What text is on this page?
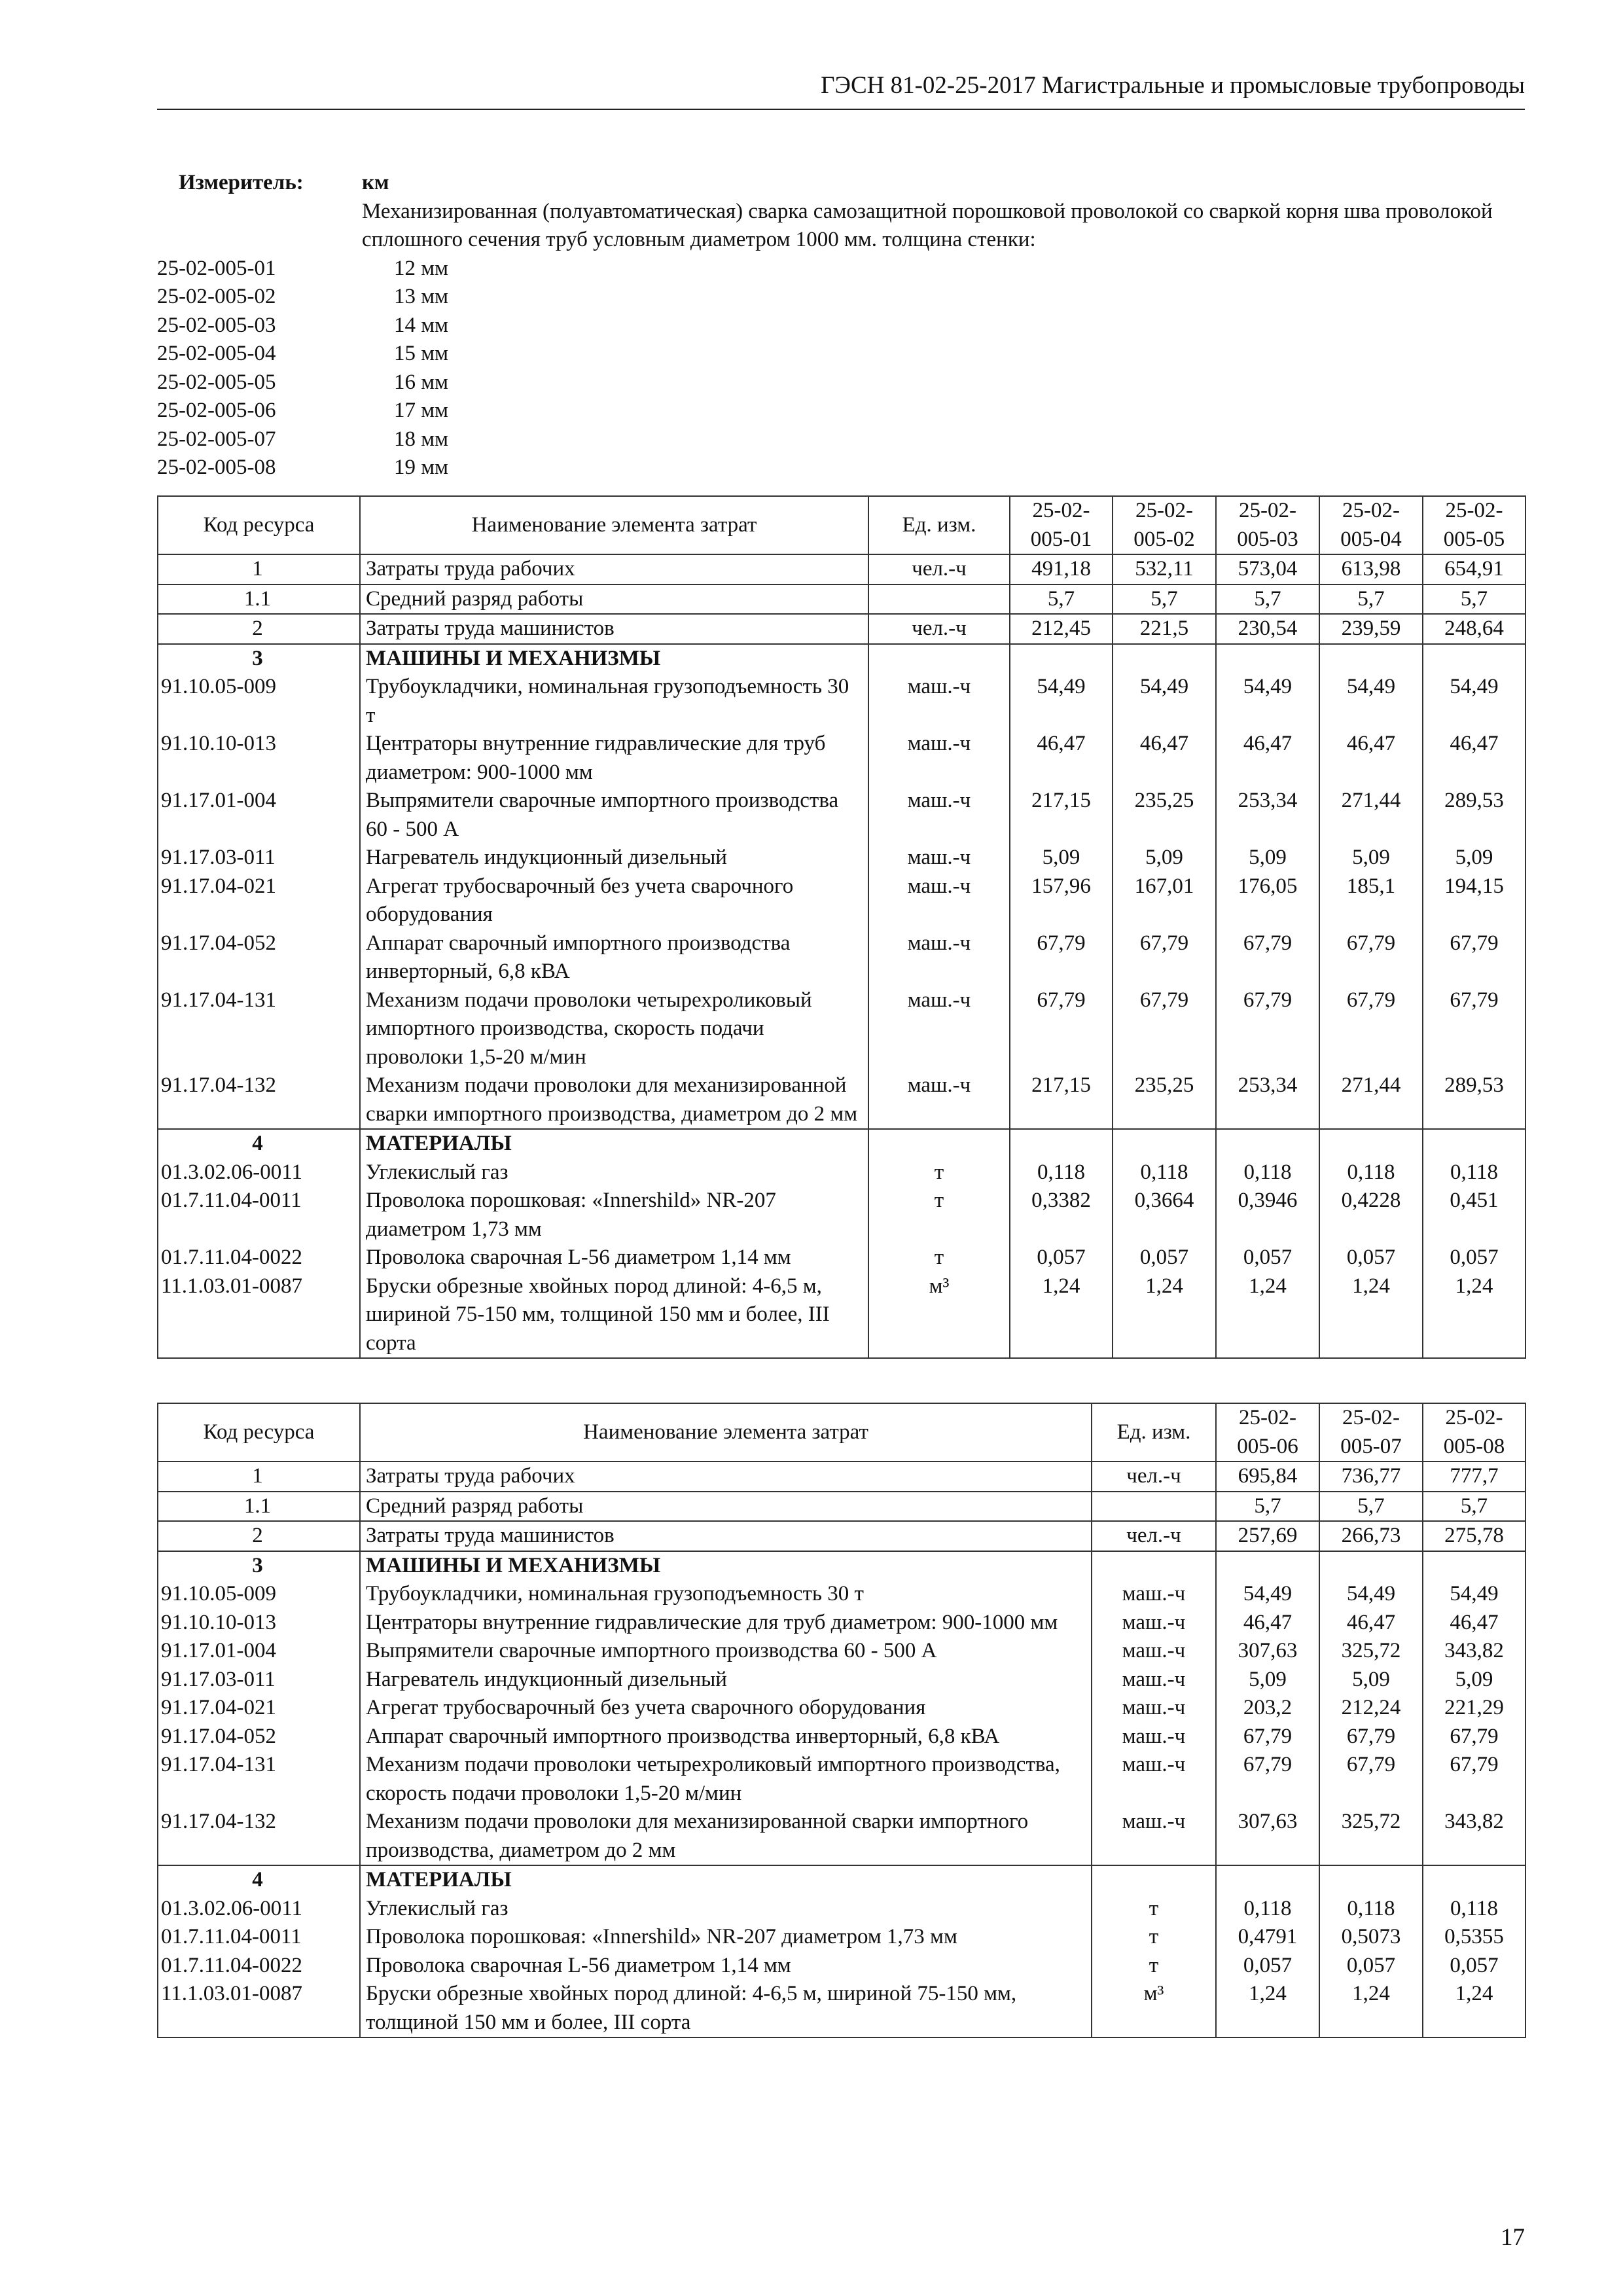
ГЭСН 81-02-25-2017 Магистральные и промысловые трубопроводы
Измеритель:	км
Механизированная (полуавтоматическая) сварка самозащитной порошковой проволокой со сваркой корня шва проволокой сплошного сечения труб условным диаметром 1000 мм. толщина стенки:
25-02-005-01	12 мм
25-02-005-02	13 мм
25-02-005-03	14 мм
25-02-005-04	15 мм
25-02-005-05	16 мм
25-02-005-06	17 мм
25-02-005-07	18 мм
25-02-005-08	19 мм
Код ресурса	Наименование элемента затрат	Ед. изм.	25-02-005-01	25-02-005-02	25-02-005-03	25-02-005-04	25-02-005-05
1	Затраты труда рабочих	чел.-ч	491,18	532,11	573,04	613,98	654,91
1.1	Средний разряд работы		5,7	5,7	5,7	5,7	5,7
2	Затраты труда машинистов	чел.-ч	212,45	221,5	230,54	239,59	248,64
3	МАШИНЫ И МЕХАНИЗМЫ						
91.10.05-009	Трубоукладчики, номинальная грузоподъемность 30 т	маш.-ч	54,49	54,49	54,49	54,49	54,49
91.10.10-013	Центраторы внутренние гидравлические для труб диаметром: 900-1000 мм	маш.-ч	46,47	46,47	46,47	46,47	46,47
91.17.01-004	Выпрямители сварочные импортного производства 60 - 500 А	маш.-ч	217,15	235,25	253,34	271,44	289,53
91.17.03-011	Нагреватель индукционный дизельный	маш.-ч	5,09	5,09	5,09	5,09	5,09
91.17.04-021	Агрегат трубосварочный без учета сварочного оборудования	маш.-ч	157,96	167,01	176,05	185,1	194,15
91.17.04-052	Аппарат сварочный импортного производства инверторный, 6,8 кВА	маш.-ч	67,79	67,79	67,79	67,79	67,79
91.17.04-131	Механизм подачи проволоки четырехроликовый импортного производства, скорость подачи проволоки 1,5-20 м/мин	маш.-ч	67,79	67,79	67,79	67,79	67,79
91.17.04-132	Механизм подачи проволоки для механизированной сварки импортного производства, диаметром до 2 мм	маш.-ч	217,15	235,25	253,34	271,44	289,53
4	МАТЕРИАЛЫ						
01.3.02.06-0011	Углекислый газ	т	0,118	0,118	0,118	0,118	0,118
01.7.11.04-0011	Проволока порошковая: «Innershild» NR-207 диаметром 1,73 мм	т	0,3382	0,3664	0,3946	0,4228	0,451
01.7.11.04-0022	Проволока сварочная L-56 диаметром 1,14 мм	т	0,057	0,057	0,057	0,057	0,057
11.1.03.01-0087	Бруски обрезные хвойных пород длиной: 4-6,5 м, шириной 75-150 мм, толщиной 150 мм и более, III сорта	м³	1,24	1,24	1,24	1,24	1,24
Код ресурса	Наименование элемента затрат	Ед. изм.	25-02-005-06	25-02-005-07	25-02-005-08
1	Затраты труда рабочих	чел.-ч	695,84	736,77	777,7
1.1	Средний разряд работы		5,7	5,7	5,7
2	Затраты труда машинистов	чел.-ч	257,69	266,73	275,78
3	МАШИНЫ И МЕХАНИЗМЫ				
91.10.05-009	Трубоукладчики, номинальная грузоподъемность 30 т	маш.-ч	54,49	54,49	54,49
91.10.10-013	Центраторы внутренние гидравлические для труб диаметром: 900-1000 мм	маш.-ч	46,47	46,47	46,47
91.17.01-004	Выпрямители сварочные импортного производства 60 - 500 А	маш.-ч	307,63	325,72	343,82
91.17.03-011	Нагреватель индукционный дизельный	маш.-ч	5,09	5,09	5,09
91.17.04-021	Агрегат трубосварочный без учета сварочного оборудования	маш.-ч	203,2	212,24	221,29
91.17.04-052	Аппарат сварочный импортного производства инверторный, 6,8 кВА	маш.-ч	67,79	67,79	67,79
91.17.04-131	Механизм подачи проволоки четырехроликовый импортного производства, скорость подачи проволоки 1,5-20 м/мин	маш.-ч	67,79	67,79	67,79
91.17.04-132	Механизм подачи проволоки для механизированной сварки импортного производства, диаметром до 2 мм	маш.-ч	307,63	325,72	343,82
4	МАТЕРИАЛЫ				
01.3.02.06-0011	Углекислый газ	т	0,118	0,118	0,118
01.7.11.04-0011	Проволока порошковая: «Innershild» NR-207 диаметром 1,73 мм	т	0,4791	0,5073	0,5355
01.7.11.04-0022	Проволока сварочная L-56 диаметром 1,14 мм	т	0,057	0,057	0,057
11.1.03.01-0087	Бруски обрезные хвойных пород длиной: 4-6,5 м, шириной 75-150 мм, толщиной 150 мм и более, III сорта	м³	1,24	1,24	1,24
17
